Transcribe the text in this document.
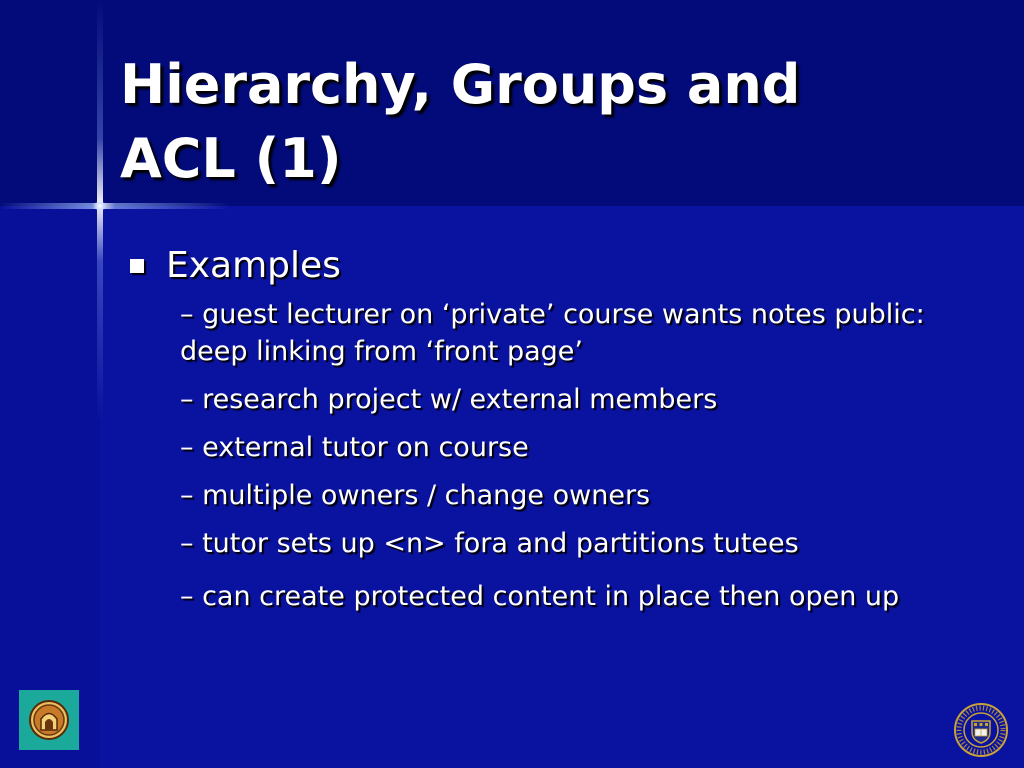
Hierarchy, Groups and
ACL (1)
Examples
– guest lecturer on ‘private’ course wants notes public: deep linking from ‘front page’
– research project w/ external members
– external tutor on course
– multiple owners / change owners
– tutor sets up <n> fora and partitions tutees
– can create protected content in place then open up
